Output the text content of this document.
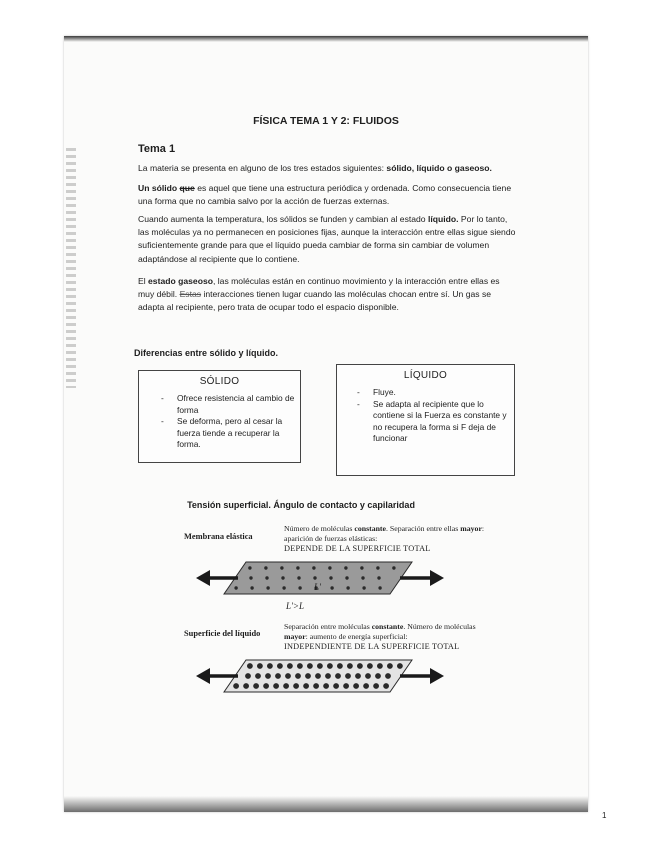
FÍSICA TEMA 1 Y 2: FLUIDOS
Tema 1
La materia se presenta en alguno de los tres estados siguientes: sólido, líquido o gaseoso.
Un sólido que es aquel que tiene una estructura periódica y ordenada. Como consecuencia tiene una forma que no cambia salvo por la acción de fuerzas externas.
Cuando aumenta la temperatura, los sólidos se funden y cambian al estado líquido. Por lo tanto, las moléculas ya no permanecen en posiciones fijas, aunque la interacción entre ellas sigue siendo suficientemente grande para que el líquido pueda cambiar de forma sin cambiar de volumen adaptándose al recipiente que lo contiene.
El estado gaseoso, las moléculas están en continuo movimiento y la interacción entre ellas es muy débil. Estas interacciones tienen lugar cuando las moléculas chocan entre sí. Un gas se adapta al recipiente, pero trata de ocupar todo el espacio disponible.
Diferencias entre sólido y líquido.
SÓLIDO
- Ofrece resistencia al cambio de forma
- Se deforma, pero al cesar la fuerza tiende a recuperar la forma.
LÍQUIDO
- Fluye.
- Se adapta al recipiente que lo contiene si la Fuerza es constante y no recupera la forma si F deja de funcionar
Tensión superficial. Ángulo de contacto y capilaridad
Membrana elástica
Número de moléculas constante. Separación entre ellas mayor: aparición de fuerzas elásticas:
DEPENDE DE LA SUPERFICIE TOTAL
L'
L'>L
Superficie del líquido
Separación entre moléculas constante. Número de moléculas mayor: aumento de energía superficial:
INDEPENDIENTE DE LA SUPERFICIE TOTAL
1
